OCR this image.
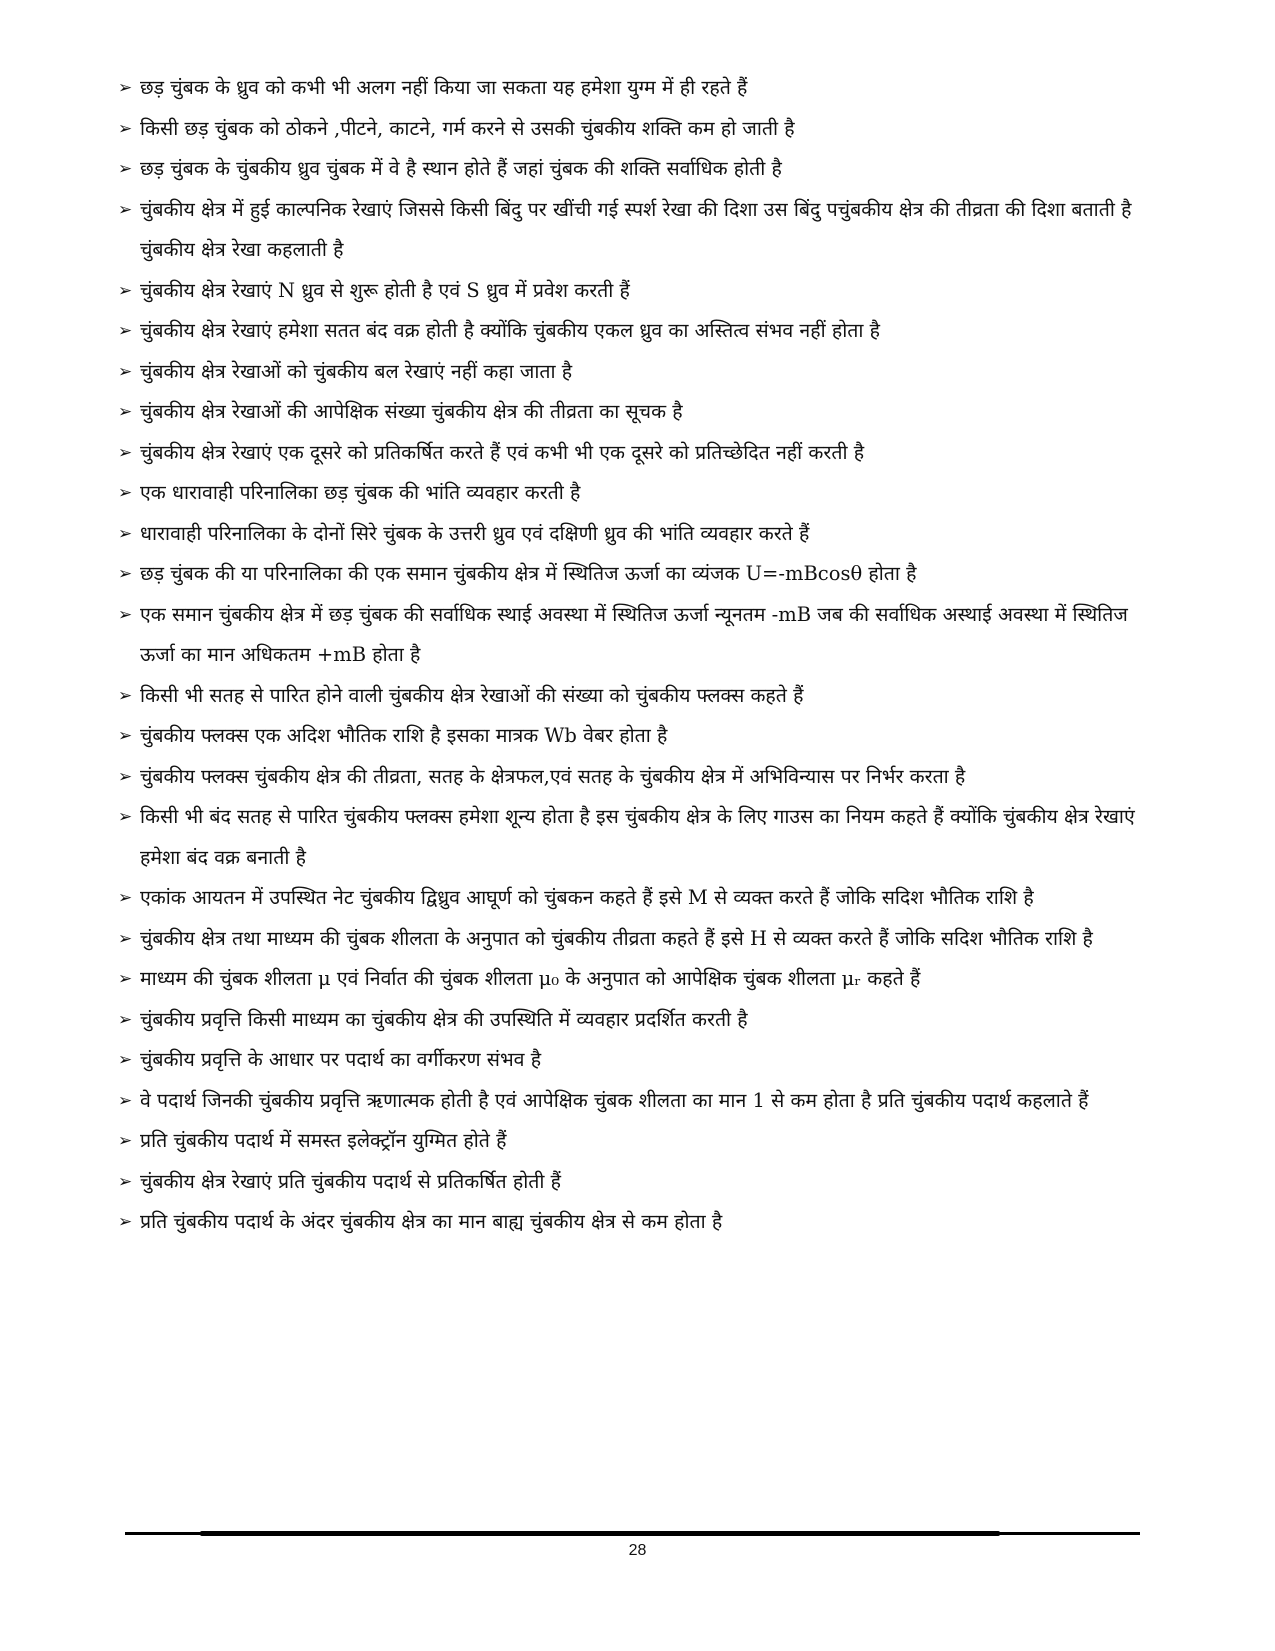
➢ छड़ चुंबक के ध्रुव को कभी भी अलग नहीं किया जा सकता यह हमेशा युग्म में ही रहते हैं

➢ किसी छड़ चुंबक को ठोकने ,पीटने, काटने, गर्म करने से उसकी चुंबकीय शक्ति कम हो जाती है

➢ छड़ चुंबक के चुंबकीय ध्रुव चुंबक में वे है स्थान होते हैं जहां चुंबक की शक्ति सर्वाधिक होती है

➢ चुंबकीय क्षेत्र में हुई काल्पनिक रेखाएं जिससे किसी बिंदु पर खींची गई स्पर्श रेखा की दिशा उस बिंदु पचुंबकीय क्षेत्र की तीव्रता की दिशा बताती है चुंबकीय क्षेत्र रेखा कहलाती है

➢ चुंबकीय क्षेत्र रेखाएं N ध्रुव से शुरू होती है एवं S ध्रुव में प्रवेश करती हैं

➢ चुंबकीय क्षेत्र रेखाएं हमेशा सतत बंद वक्र होती है क्योंकि चुंबकीय एकल ध्रुव का अस्तित्व संभव नहीं होता है

➢ चुंबकीय क्षेत्र रेखाओं को चुंबकीय बल रेखाएं नहीं कहा जाता है

➢ चुंबकीय क्षेत्र रेखाओं की आपेक्षिक संख्या चुंबकीय क्षेत्र की तीव्रता का सूचक है

➢ चुंबकीय क्षेत्र रेखाएं एक दूसरे को प्रतिकर्षित करते हैं एवं कभी भी एक दूसरे को प्रतिच्छेदित नहीं करती है

➢ एक धारावाही परिनालिका छड़ चुंबक की भांति व्यवहार करती है

➢ धारावाही परिनालिका के दोनों सिरे चुंबक के उत्तरी ध्रुव एवं दक्षिणी ध्रुव की भांति व्यवहार करते हैं

➢ छड़ चुंबक की या परिनालिका की एक समान चुंबकीय क्षेत्र में स्थितिज ऊर्जा का व्यंजक U=-mBcosθ होता है

➢ एक समान चुंबकीय क्षेत्र में छड़ चुंबक की सर्वाधिक स्थाई अवस्था में स्थितिज ऊर्जा न्यूनतम -mB जब की सर्वाधिक अस्थाई अवस्था में स्थितिज ऊर्जा का मान अधिकतम +mB होता है

➢ किसी भी सतह से पारित होने वाली चुंबकीय क्षेत्र रेखाओं की संख्या को चुंबकीय फ्लक्स कहते हैं

➢ चुंबकीय फ्लक्स एक अदिश भौतिक राशि है इसका मात्रक Wb वेबर होता है

➢ चुंबकीय फ्लक्स चुंबकीय क्षेत्र की तीव्रता, सतह के क्षेत्रफल,एवं सतह के चुंबकीय क्षेत्र में अभिविन्यास पर निर्भर करता है

➢ किसी भी बंद सतह से पारित चुंबकीय फ्लक्स हमेशा शून्य होता है इस चुंबकीय क्षेत्र के लिए गाउस का नियम कहते हैं क्योंकि चुंबकीय क्षेत्र रेखाएं हमेशा बंद वक्र बनाती है

➢ एकांक आयतन में उपस्थित नेट चुंबकीय द्विध्रुव आघूर्ण को चुंबकन कहते हैं इसे M से व्यक्त करते हैं जोकि सदिश भौतिक राशि है

➢ चुंबकीय क्षेत्र तथा माध्यम की चुंबक शीलता के अनुपात को चुंबकीय तीव्रता कहते हैं इसे H से व्यक्त करते हैं जोकि सदिश भौतिक राशि है

➢ माध्यम की चुंबक शीलता μ एवं निर्वात की चुंबक शीलता μ₀ के अनुपात को आपेक्षिक चुंबक शीलता μᵣ कहते हैं

➢ चुंबकीय प्रवृत्ति किसी माध्यम का चुंबकीय क्षेत्र की उपस्थिति में व्यवहार प्रदर्शित करती है

➢ चुंबकीय प्रवृत्ति के आधार पर पदार्थ का वर्गीकरण संभव है

➢ वे पदार्थ जिनकी चुंबकीय प्रवृत्ति ऋणात्मक होती है एवं आपेक्षिक चुंबक शीलता का मान 1 से कम होता है प्रति चुंबकीय पदार्थ कहलाते हैं

➢ प्रति चुंबकीय पदार्थ में समस्त इलेक्ट्रॉन युग्मित होते हैं

➢ चुंबकीय क्षेत्र रेखाएं प्रति चुंबकीय पदार्थ से प्रतिकर्षित होती हैं

➢ प्रति चुंबकीय पदार्थ के अंदर चुंबकीय क्षेत्र का मान बाह्य चुंबकीय क्षेत्र से कम होता है

28
